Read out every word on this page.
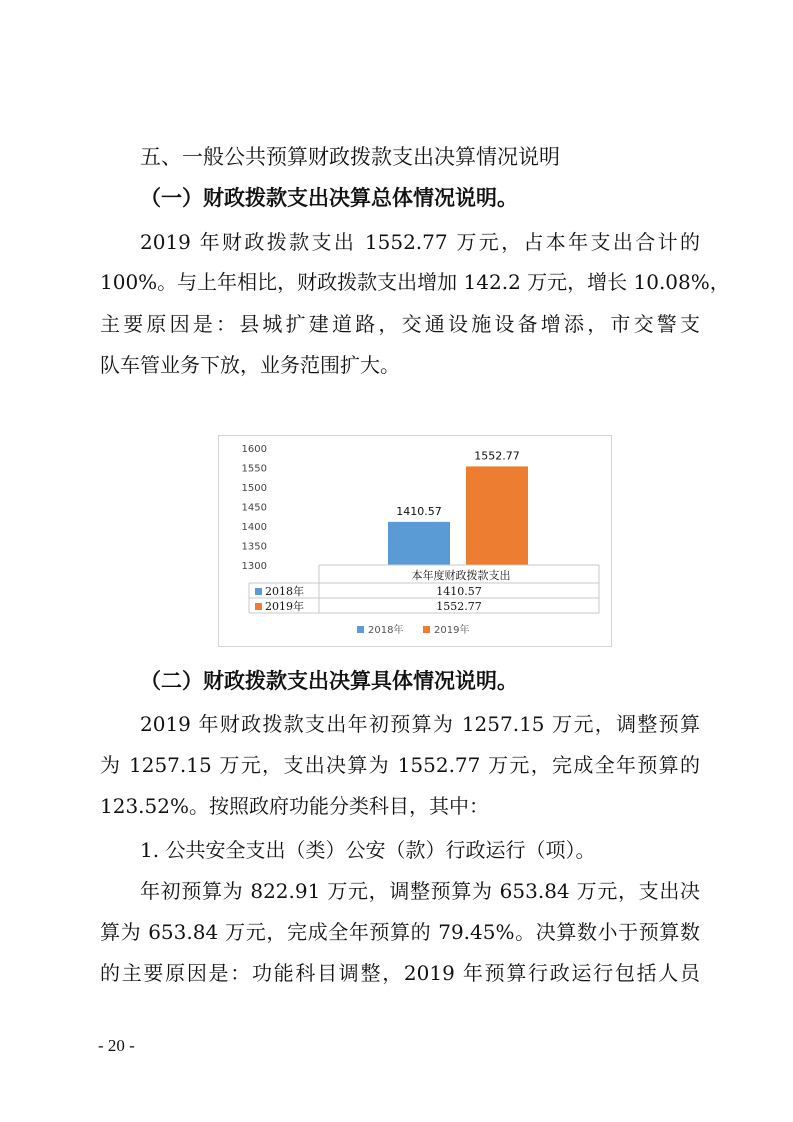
五、一般公共预算财政拨款支出决算情况说明
（一）财政拨款支出决算总体情况说明。
2019 年财政拨款支出 1552.77 万元，占本年支出合计的
100%。与上年相比，财政拨款支出增加 142.2 万元，增长 10.08%，
主要原因是：县城扩建道路，交通设施设备增添，市交警支
队车管业务下放，业务范围扩大。
1300
1350
1400
1450
1500
1550
1600
1410.57
1552.77
本年度财政拨款支出
2018年	1410.57
2019年	1552.77
2018年	2019年
（二）财政拨款支出决算具体情况说明。
2019 年财政拨款支出年初预算为 1257.15 万元，调整预算
为 1257.15 万元，支出决算为 1552.77 万元，完成全年预算的
123.52%。按照政府功能分类科目，其中：
1. 公共安全支出（类）公安（款）行政运行（项）。
年初预算为 822.91 万元，调整预算为 653.84 万元，支出决
算为 653.84 万元，完成全年预算的 79.45%。决算数小于预算数
的主要原因是：功能科目调整，2019 年预算行政运行包括人员
- 20 -
